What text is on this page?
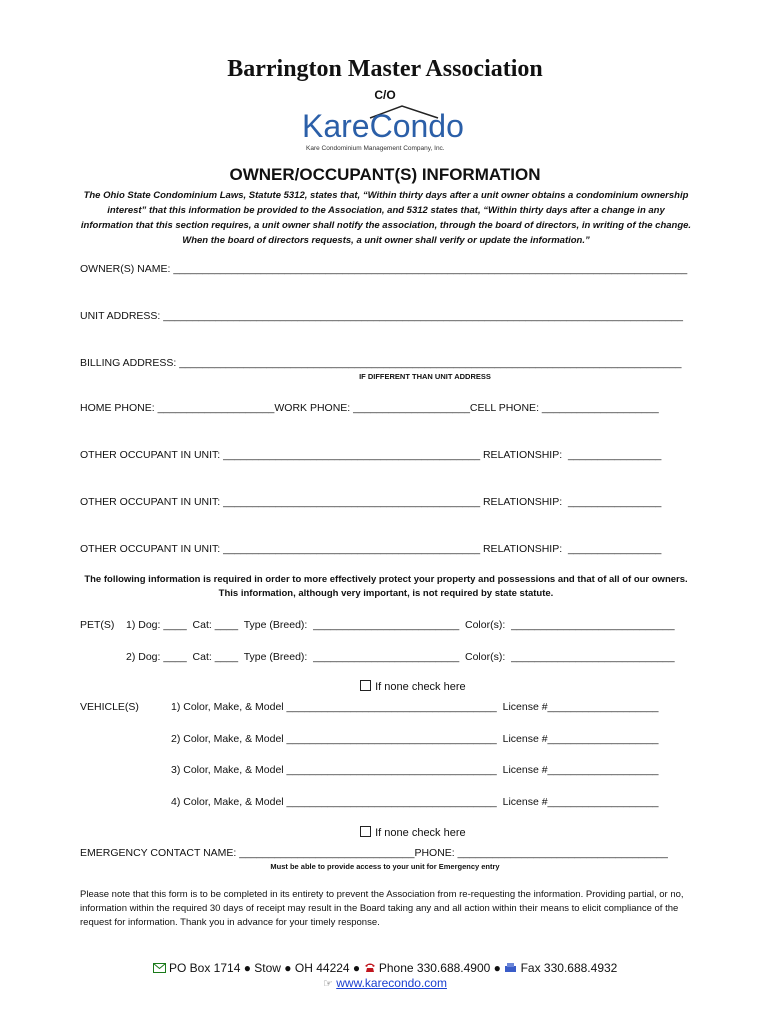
Barrington Master Association
C/O
KareCondo
Kare Condominium Management Company, Inc.
OWNER/OCCUPANT(S) INFORMATION
The Ohio State Condominium Laws, Statute 5312, states that, “Within thirty days after a unit owner obtains a condominium ownership interest” that this information be provided to the Association, and 5312 states that, “Within thirty days after a change in any information that this section requires, a unit owner shall notify the association, through the board of directors, in writing of the change. When the board of directors requests, a unit owner shall verify or update the information.”
OWNER(S) NAME: ________________________________________________________________________________________
UNIT ADDRESS: _________________________________________________________________________________________
BILLING ADDRESS: ______________________________________________________________________________________
IF DIFFERENT THAN UNIT ADDRESS
HOME PHONE: ____________________WORK PHONE: ____________________CELL PHONE: ____________________
OTHER OCCUPANT IN UNIT: ____________________________________________ RELATIONSHIP:  ________________
OTHER OCCUPANT IN UNIT: ____________________________________________ RELATIONSHIP:  ________________
OTHER OCCUPANT IN UNIT: ____________________________________________ RELATIONSHIP:  ________________
The following information is required in order to more effectively protect your property and possessions and that of all of our owners. This information, although very important, is not required by state statute.
PET(S) 1) Dog: ____  Cat: ____  Type (Breed):  _________________________  Color(s):  ____________________________
2) Dog: ____  Cat: ____  Type (Breed):  _________________________  Color(s):  ____________________________

If none check here

VEHICLE(S)	1) Color, Make, & Model ____________________________________  License #___________________
2) Color, Make, & Model ____________________________________  License #___________________
3) Color, Make, & Model ____________________________________  License #___________________
4) Color, Make, & Model ____________________________________  License #___________________

If none check here

EMERGENCY CONTACT NAME: ______________________________PHONE: ____________________________________
Must be able to provide access to your unit for Emergency entry
Please note that this form is to be completed in its entirety to prevent the Association from re-requesting the information. Providing partial, or no, information within the required 30 days of receipt may result in the Board taking any and all action within their means to elicit compliance of the request for information. Thank you in advance for your timely response.
PO Box 1714 ● Stow ● OH 44224 ● Phone 330.688.4900 ● Fax 330.688.4932
☞ www.karecondo.com
